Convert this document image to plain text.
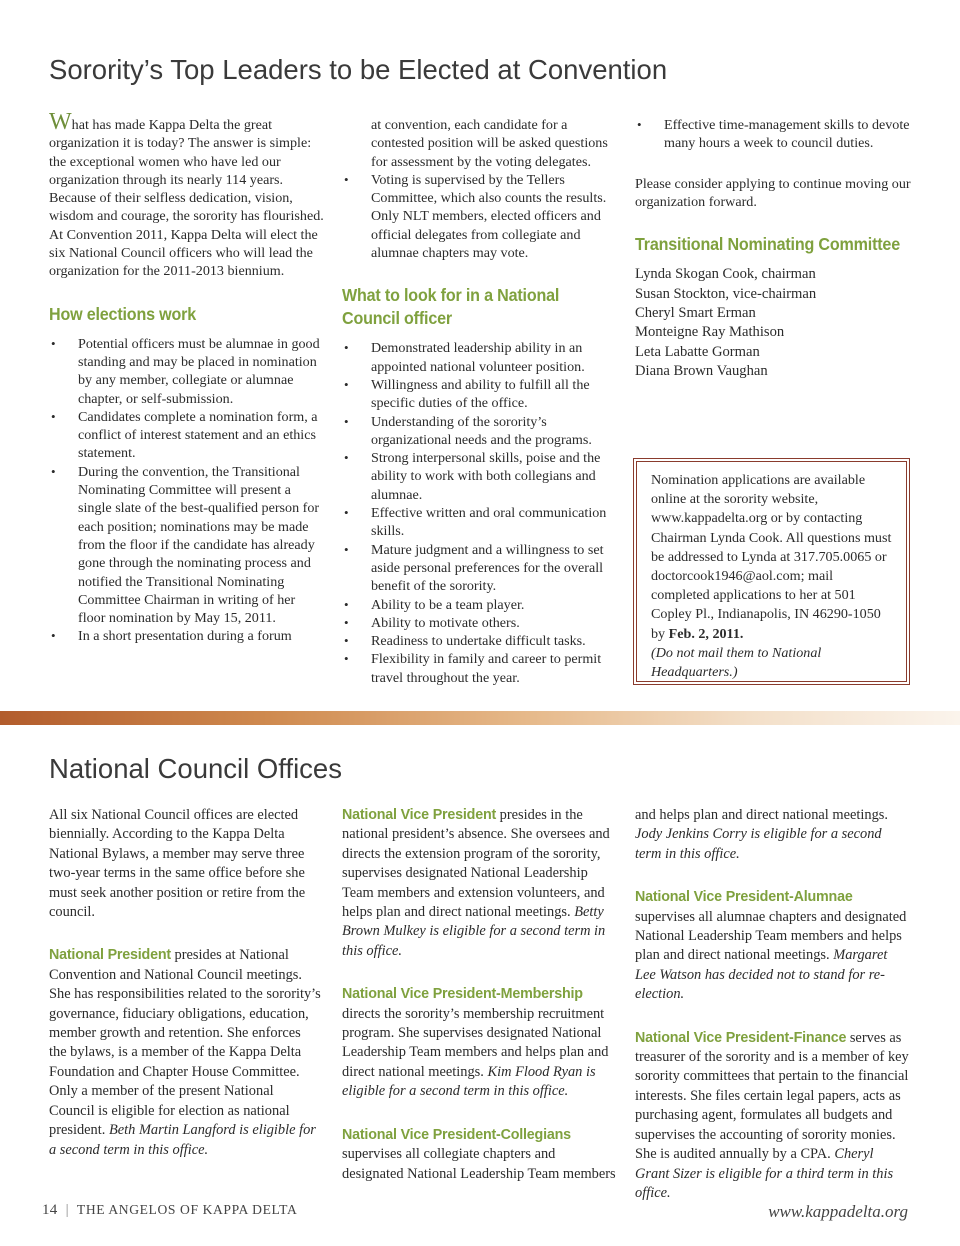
Sorority’s Top Leaders to be Elected at Convention

What has made Kappa Delta the great organization it is today? The answer is simple: the exceptional women who have led our organization through its nearly 114 years. Because of their selfless dedication, vision, wisdom and courage, the sorority has flourished. At Convention 2011, Kappa Delta will elect the six National Council officers who will lead the organization for the 2011-2013 biennium.

How elections work
• Potential officers must be alumnae in good standing and may be placed in nomination by any member, collegiate or alumnae chapter, or self-submission.
• Candidates complete a nomination form, a conflict of interest statement and an ethics statement.
• During the convention, the Transitional Nominating Committee will present a single slate of the best-qualified person for each position; nominations may be made from the floor if the candidate has already gone through the nominating process and notified the Transitional Nominating Committee Chairman in writing of her floor nomination by May 15, 2011.
• In a short presentation during a forum

at convention, each candidate for a contested position will be asked questions for assessment by the voting delegates.

• Voting is supervised by the Tellers Committee, which also counts the results. Only NLT members, elected officers and official delegates from collegiate and alumnae chapters may vote.
What to look for in a National Council officer
• Demonstrated leadership ability in an appointed national volunteer position.
• Willingness and ability to fulfill all the specific duties of the office.
• Understanding of the sorority’s organizational needs and the programs.
• Strong interpersonal skills, poise and the ability to work with both collegians and alumnae.
• Effective written and oral communication skills.
• Mature judgment and a willingness to set aside personal preferences for the overall benefit of the sorority.
• Ability to be a team player.
• Ability to motivate others.
• Readiness to undertake difficult tasks.
• Flexibility in family and career to permit travel throughout the year.
• Effective time-management skills to devote many hours a week to council duties.

Please consider applying to continue moving our organization forward.

Transitional Nominating Committee
Lynda Skogan Cook, chairman
Susan Stockton, vice-chairman
Cheryl Smart Erman
Monteigne Ray Mathison
Leta Labatte Gorman
Diana Brown Vaughan
Nomination applications are available online at the sorority website, www.kappadelta.org or by contacting Chairman Lynda Cook. All questions must be addressed to Lynda at 317.705.0065 or doctorcook1946@aol.com; mail completed applications to her at 501 Copley Pl., Indianapolis, IN 46290-1050 by Feb. 2, 2011.
(Do not mail them to National Headquarters.)
National Council Offices

All six National Council offices are elected biennially. According to the Kappa Delta National Bylaws, a member may serve three two-year terms in the same office before she must seek another position or retire from the council.

National President presides at National Convention and National Council meetings. She has responsibilities related to the sorority’s governance, fiduciary obligations, education, member growth and retention. She enforces the bylaws, is a member of the Kappa Delta Foundation and Chapter House Committee. Only a member of the present National Council is eligible for election as national president. Beth Martin Langford is eligible for a second term in this office.

National Vice President presides in the national president’s absence. She oversees and directs the extension program of the sorority, supervises designated National Leadership Team members and extension volunteers, and helps plan and direct national meetings. Betty Brown Mulkey is eligible for a second term in this office.

National Vice President-Membership directs the sorority’s membership recruitment program. She supervises designated National Leadership Team members and helps plan and direct national meetings. Kim Flood Ryan is eligible for a second term in this office.

National Vice President-Collegians supervises all collegiate chapters and designated National Leadership Team members

and helps plan and direct national meetings. Jody Jenkins Corry is eligible for a second term in this office.

National Vice President-Alumnae supervises all alumnae chapters and designated National Leadership Team members and helps plan and direct national meetings. Margaret Lee Watson has decided not to stand for re-election.

National Vice President-Finance serves as treasurer of the sorority and is a member of key sorority committees that pertain to the financial interests. She files certain legal papers, acts as purchasing agent, formulates all budgets and supervises the accounting of sorority monies. She is audited annually by a CPA. Cheryl Grant Sizer is eligible for a third term in this office.

14 | THE ANGELOS OF KAPPA DELTA	www.kappadelta.org
